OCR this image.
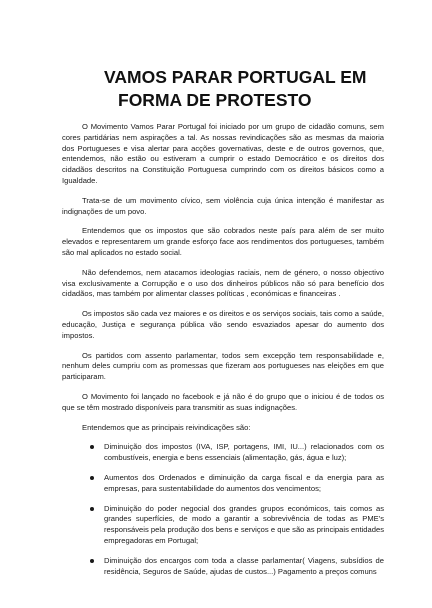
VAMOS PARAR PORTUGAL EM
FORMA DE PROTESTO

O Movimento Vamos Parar Portugal foi iniciado por um grupo de cidadão comuns, sem cores partidárias nem aspirações a tal. As nossas revindicações são as mesmas da maioria dos Portugueses e visa alertar para acções governativas, deste e de outros governos, que, entendemos, não estão ou estiveram a cumprir o estado Democrático e os direitos dos cidadãos descritos na Constituição Portuguesa cumprindo com os direitos básicos como a Igualdade.

Trata-se de um movimento cívico, sem violência cuja única intenção é manifestar as indignações de um povo.

Entendemos que os impostos que são cobrados neste país para além de ser muito elevados e representarem um grande esforço face aos rendimentos dos portugueses, também são mal aplicados no estado social.

Não defendemos, nem atacamos ideologias raciais, nem de género, o nosso objectivo visa exclusivamente a Corrupção e o uso dos dinheiros públicos não só para benefício dos cidadãos, mas também por alimentar classes políticas , económicas e financeiras .

Os impostos são cada vez maiores e os direitos e os serviços sociais, tais como a saúde, educação, Justiça e segurança pública vão sendo esvaziados apesar do aumento dos impostos.

Os partidos com assento parlamentar, todos sem excepção tem responsabilidade e, nenhum deles cumpriu com as promessas que fizeram aos portugueses nas eleições em que participaram.

O Movimento foi lançado no facebook e já não é do grupo que o iniciou é de todos os que se têm mostrado disponíveis para transmitir as suas indignações.

Entendemos que as principais reivindicações são:

Diminuição dos impostos (IVA, ISP, portagens, IMI, IU...) relacionados com os combustíveis, energia e bens essenciais (alimentação, gás, água e luz);
Aumentos dos Ordenados e diminuição da carga fiscal e da energia para as empresas, para sustentabilidade do aumentos dos vencimentos;
Diminuição do poder negocial dos grandes grupos económicos, tais comos as grandes superfícies, de modo a garantir a sobrevivência de todas as PME's responsáveis pela produção dos bens e serviços e que são as principais entidades empregadoras em Portugal;
Diminuição dos encargos com toda a classe parlamentar( Viagens, subsídios de residência, Seguros de Saúde, ajudas de custos...) Pagamento a preços comuns
